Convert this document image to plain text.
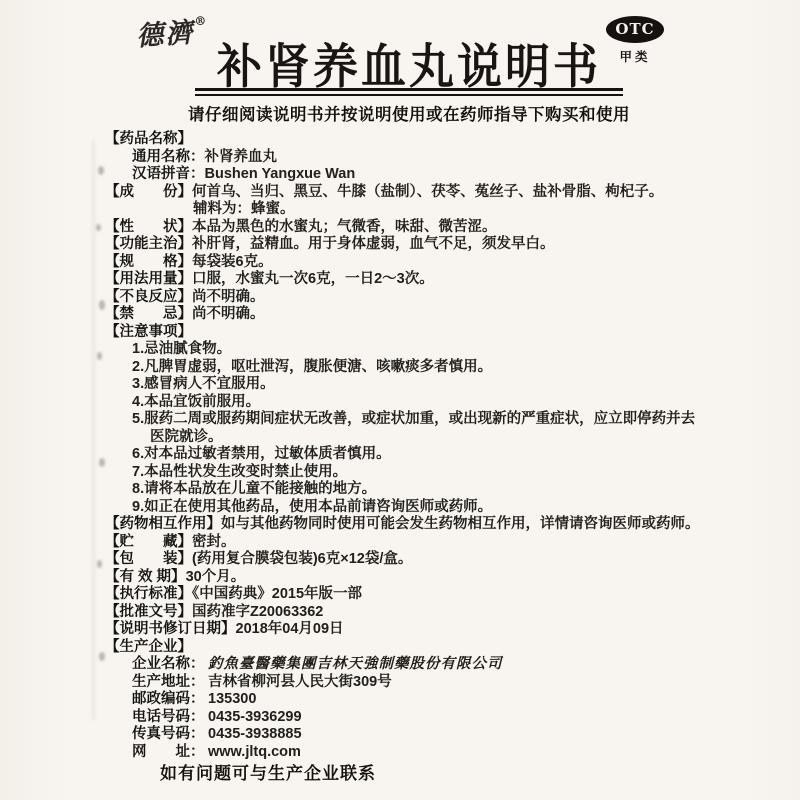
德濟®
补肾养血丸说明书
OTC
甲类
请仔细阅读说明书并按说明使用或在药师指导下购买和使用
【药品名称】
通用名称：补肾养血丸
汉语拼音：Bushen Yangxue Wan
【成　　份】何首乌、当归、黑豆、牛膝（盐制）、茯苓、菟丝子、盐补骨脂、枸杞子。
辅料为：蜂蜜。
【性　　状】本品为黑色的水蜜丸；气微香，味甜、微苦涩。
【功能主治】补肝肾，益精血。用于身体虚弱，血气不足，须发早白。
【规　　格】每袋装6克。
【用法用量】口服，水蜜丸一次6克，一日2～3次。
【不良反应】尚不明确。
【禁　　忌】尚不明确。
【注意事项】
1.忌油腻食物。
2.凡脾胃虚弱，呕吐泄泻，腹胀便溏、咳嗽痰多者慎用。
3.感冒病人不宜服用。
4.本品宜饭前服用。
5.服药二周或服药期间症状无改善，或症状加重，或出现新的严重症状，应立即停药并去
医院就诊。
6.对本品过敏者禁用，过敏体质者慎用。
7.本品性状发生改变时禁止使用。
8.请将本品放在儿童不能接触的地方。
9.如正在使用其他药品，使用本品前请咨询医师或药师。
【药物相互作用】如与其他药物同时使用可能会发生药物相互作用，详情请咨询医师或药师。
【贮　　藏】密封。
【包　　装】(药用复合膜袋包装)6克×12袋/盒。
【有 效 期】30个月。
【执行标准】《中国药典》2015年版一部
【批准文号】国药准字Z20063362
【说明书修订日期】2018年04月09日
【生产企业】
企业名称： 釣魚臺醫藥集團吉林天強制藥股份有限公司
生产地址： 吉林省柳河县人民大街309号
邮政编码： 135300
电话号码： 0435-3936299
传真号码： 0435-3938885
网　　址： www.jltq.com
如有问题可与生产企业联系
